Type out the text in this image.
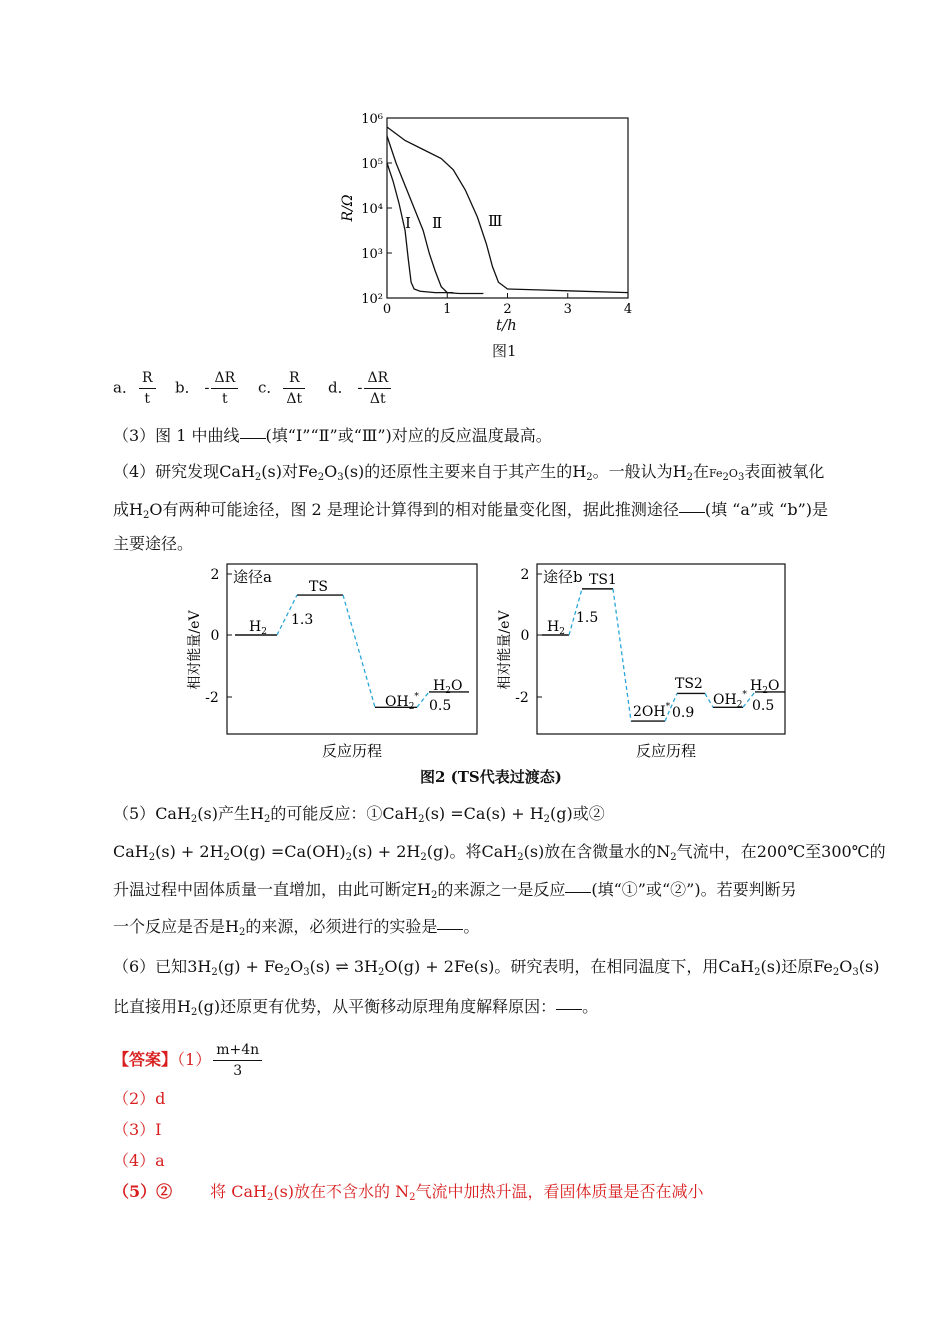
10²
10³
10⁴
10⁵
10⁶
0	1	2	3	4
Ⅰ Ⅱ	Ⅲ
R/Ω
t/h
图1
a． $\frac{R}{t}$ b． - $\frac{\Delta R}{t}$ c． $\frac{R}{\Delta t}$ d． - $\frac{\Delta R}{\Delta t}$
（3）图 1 中曲线 (填“Ⅰ”“Ⅱ”或“Ⅲ”)对应的反应温度最高。
（4）研究发现CaH$_2$(s)对$Fe_2O_3(s)$的还原性主要来自于其产生的$H_2$。一般认为$H_2$在$Fe_2O_3$表面被氧化
成$H_2O$有两种可能途径，图 2 是理论计算得到的相对能量变化图，据此推测途径 (填 “a”或 “b”)是
主要途径。
途径a
2
0
-2
相对能量/eV	$H_2$
TS
1.3
$OH_2^*$
$H_2O$
0.5
反应历程
途径b
2
0
-2
相对能量/eV $H_2$
TS1
1.5
2OH*
TS2
0.9
$OH_2^*$
$H_2O$
0.5
反应历程
图2 (TS代表过渡态)
（5）CaH$_2$(s)产生$H_2$的可能反应：①CaH$_2$(s) $=Ca(s) + H_2(g)$或②
$CaH_2(s) + 2H_2O(g) =Ca(OH)_2(s) + 2H_2(g)$。将CaH$_2$(s)放在含微量水的$N_2$气流中，在200℃至300℃的
升温过程中固体质量一直增加，由此可断定$H_2$的来源之一是反应 (填“①”或“②”)。若要判断另
一个反应是否是$H_2$的来源，必须进行的实验是 。
（6）已知$3H_2(g) + Fe_2O_3(s)$ ⇌ $3H_2O(g) + 2Fe(s)$。研究表明，在相同温度下，用CaH$_2$(s)还原$Fe_2O_3(s)$
比直接用$H_2(g)$还原更有优势，从平衡移动原理角度解释原因： 。
【答案】$(1) \frac{m+4n}{3}$
（2）d
（3）Ⅰ
（4）a
（5）② 将 CaH$_2$(s)放在不含水的 $N_2$气流中加热升温，看固体质量是否在减小
